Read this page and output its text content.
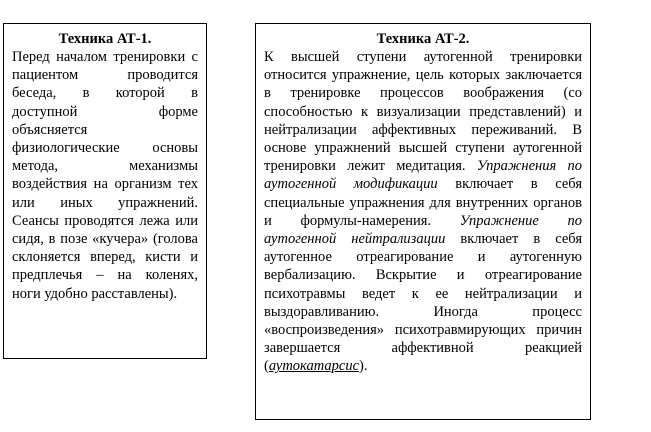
Техника АТ-1.

Перед началом тренировки с пациентом проводится беседа, в которой в доступной форме объясняется физиологические основы метода, механизмы воздействия на организм тех или иных упражнений. Сеансы проводятся лежа или сидя, в позе «кучера» (голова склоняется вперед, кисти и предплечья – на коленях, ноги удобно расставлены).

Техника АТ-2.

К высшей ступени аутогенной тренировки относится упражнение, цель которых заключается в тренировке процессов воображения (со способностью к визуализации представлений) и нейтрализации аффективных переживаний. В основе упражнений высшей ступени аутогенной тренировки лежит медитация. Упражнения по аутогенной модификации включает в себя специальные упражнения для внутренних органов и формулы-намерения. Упражнение по аутогенной нейтрализации включает в себя аутогенное отреагирование и аутогенную вербализацию. Вскрытие и отреагирование психотравмы ведет к ее нейтрализации и выздоравливанию. Иногда процесс «воспроизведения» психотравмирующих причин завершается аффективной реакцией (аутокатарсис).
